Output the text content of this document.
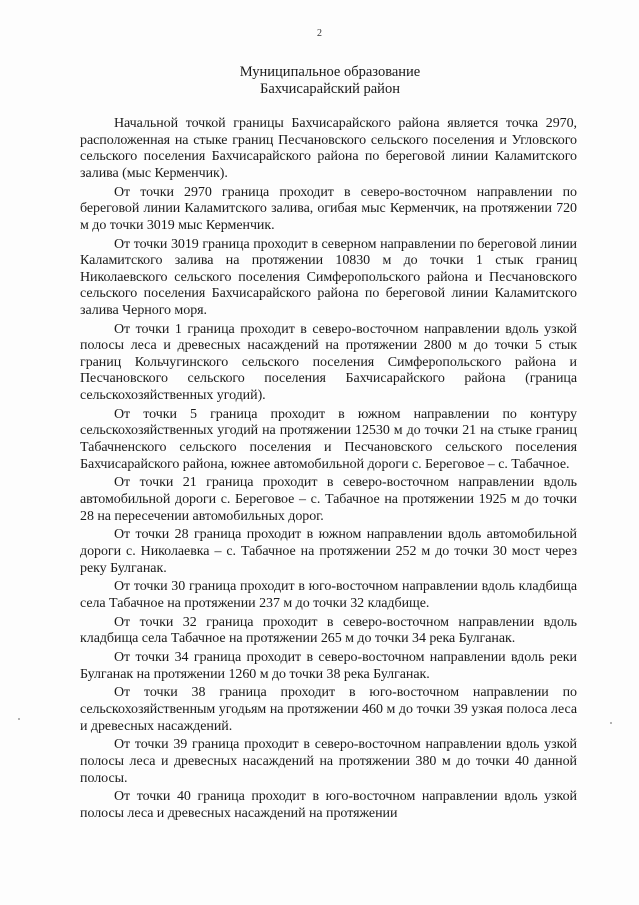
2
Муниципальное образование
Бахчисарайский район

Начальной точкой границы Бахчисарайского района является точка 2970, расположенная на стыке границ Песчановского сельского поселения и Угловского сельского поселения Бахчисарайского района по береговой линии Каламитского залива (мыс Керменчик).

От точки 2970 граница проходит в северо-восточном направлении по береговой линии Каламитского залива, огибая мыс Керменчик, на протяжении 720 м до точки 3019 мыс Керменчик.

От точки 3019 граница проходит в северном направлении по береговой линии Каламитского залива на протяжении 10830 м до точки 1 стык границ Николаевского сельского поселения Симферопольского района и Песчановского сельского поселения Бахчисарайского района по береговой линии Каламитского залива Черного моря.

От точки 1 граница проходит в северо-восточном направлении вдоль узкой полосы леса и древесных насаждений на протяжении 2800 м до точки 5 стык границ Кольчугинского сельского поселения Симферопольского района и Песчановского сельского поселения Бахчисарайского района (граница сельскохозяйственных угодий).

От точки 5 граница проходит в южном направлении по контуру сельскохозяйственных угодий на протяжении 12530 м до точки 21 на стыке границ Табачненского сельского поселения и Песчановского сельского поселения Бахчисарайского района, южнее автомобильной дороги с. Береговое – с. Табачное.

От точки 21 граница проходит в северо-восточном направлении вдоль автомобильной дороги с. Береговое – с. Табачное на протяжении 1925 м до точки 28 на пересечении автомобильных дорог.

От точки 28 граница проходит в южном направлении вдоль автомобильной дороги с. Николаевка – с. Табачное на протяжении 252 м до точки 30 мост через реку Булганак.

От точки 30 граница проходит в юго-восточном направлении вдоль кладбища села Табачное на протяжении 237 м до точки 32 кладбище.

От точки 32 граница проходит в северо-восточном направлении вдоль кладбища села Табачное на протяжении 265 м до точки 34 река Булганак.

От точки 34 граница проходит в северо-восточном направлении вдоль реки Булганак на протяжении 1260 м до точки 38 река Булганак.

От точки 38 граница проходит в юго-восточном направлении по сельскохозяйственным угодьям на протяжении 460 м до точки 39 узкая полоса леса и древесных насаждений.

От точки 39 граница проходит в северо-восточном направлении вдоль узкой полосы леса и древесных насаждений на протяжении 380 м до точки 40 данной полосы.

От точки 40 граница проходит в юго-восточном направлении вдоль узкой полосы леса и древесных насаждений на протяжении
